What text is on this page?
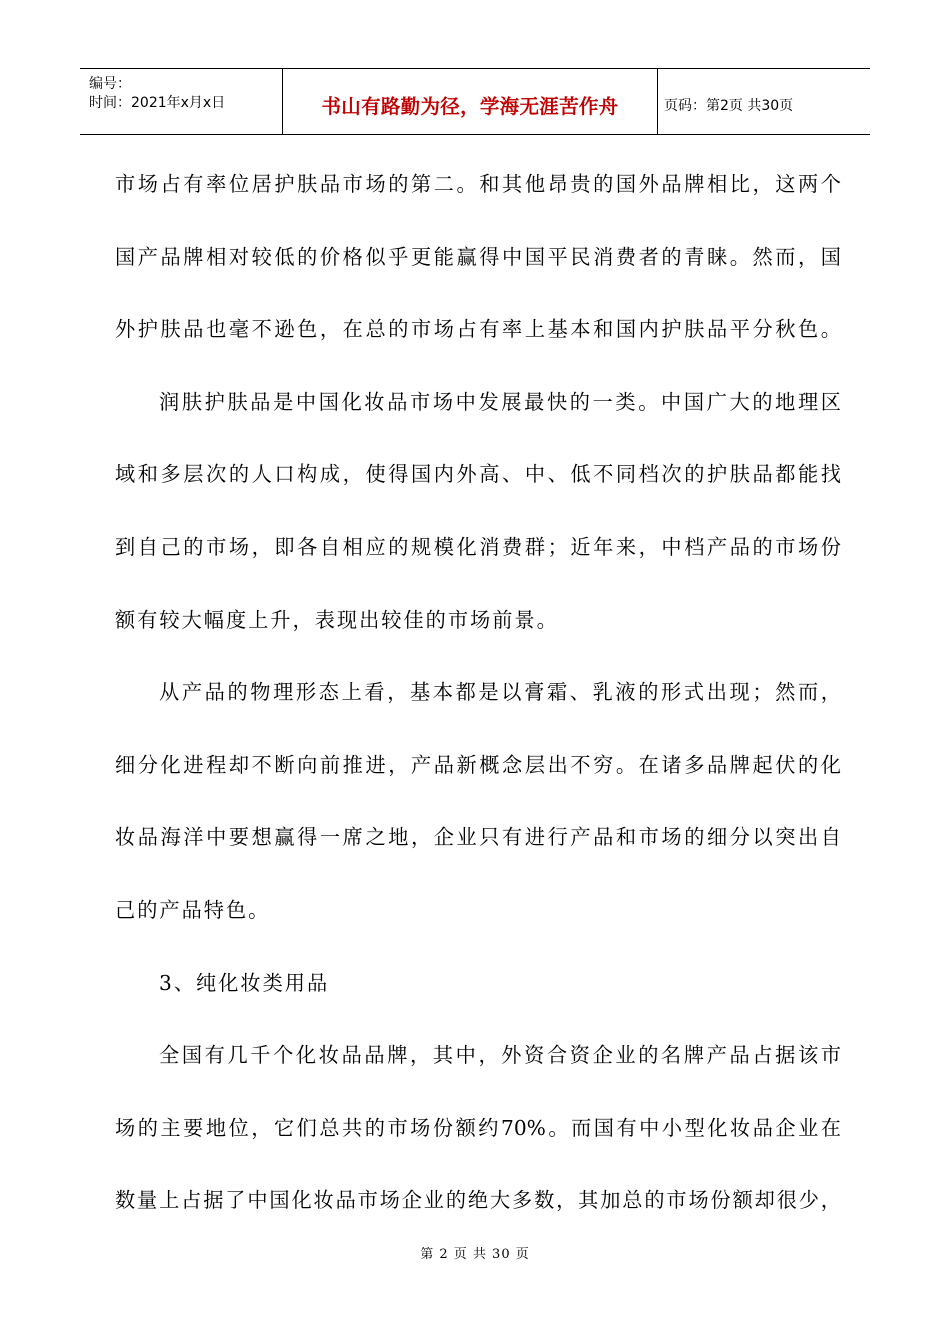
编号：
时间：2021年x月x日	书山有路勤为径，学海无涯苦作舟	页码：第2页 共30页
市场占有率位居护肤品市场的第二。和其他昂贵的国外品牌相比，这两个
国产品牌相对较低的价格似乎更能赢得中国平民消费者的青睐。然而，国
外护肤品也毫不逊色，在总的市场占有率上基本和国内护肤品平分秋色。
润肤护肤品是中国化妆品市场中发展最快的一类。中国广大的地理区
域和多层次的人口构成，使得国内外高、中、低不同档次的护肤品都能找
到自己的市场，即各自相应的规模化消费群；近年来，中档产品的市场份
额有较大幅度上升，表现出较佳的市场前景。
从产品的物理形态上看，基本都是以膏霜、乳液的形式出现；然而，
细分化进程却不断向前推进，产品新概念层出不穷。在诸多品牌起伏的化
妆品海洋中要想赢得一席之地，企业只有进行产品和市场的细分以突出自
己的产品特色。
3、纯化妆类用品
全国有几千个化妆品品牌，其中，外资合资企业的名牌产品占据该市
场的主要地位，它们总共的市场份额约70%。而国有中小型化妆品企业在
数量上占据了中国化妆品市场企业的绝大多数，其加总的市场份额却很少，
第 2 页 共 30 页
